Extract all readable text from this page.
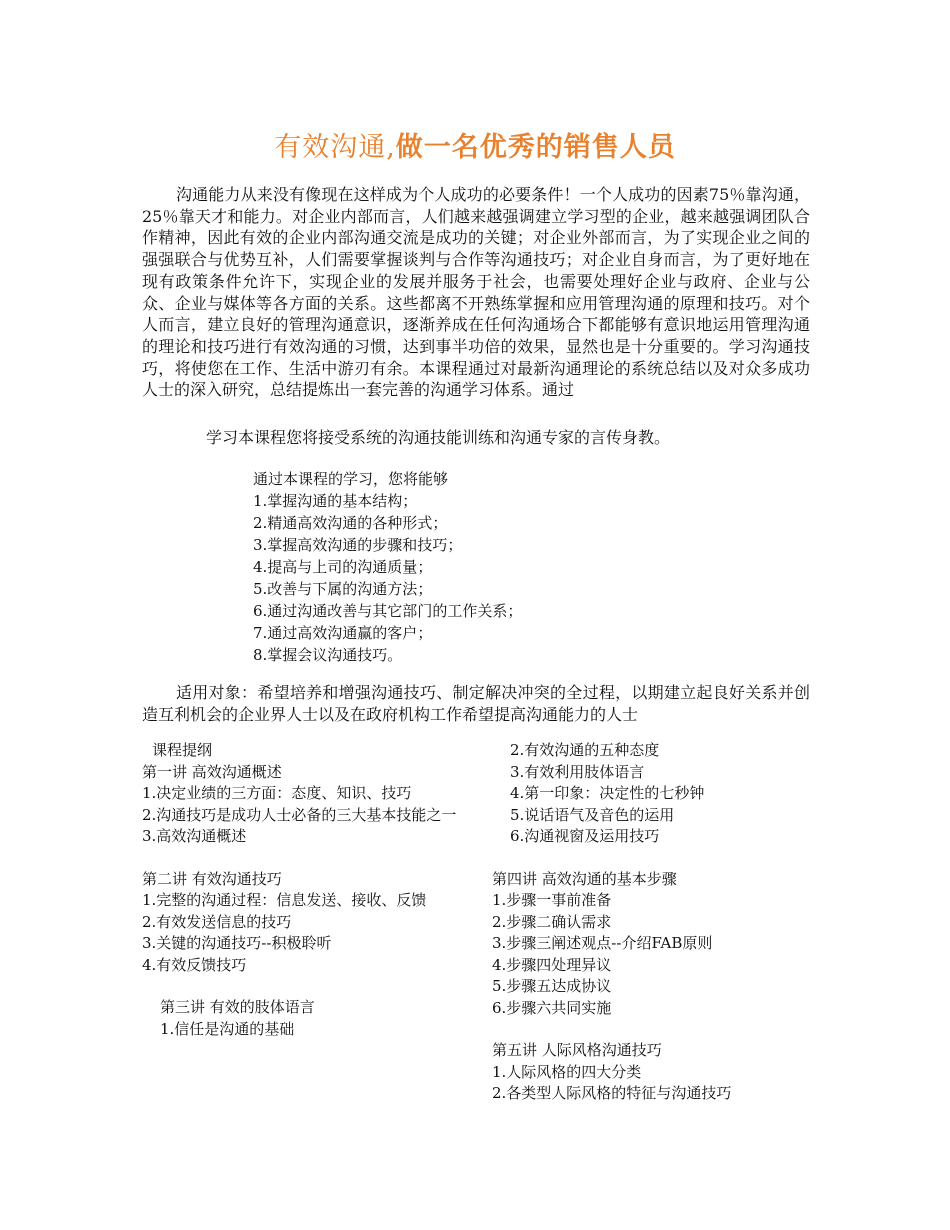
有效沟通,做一名优秀的销售人员
沟通能力从来没有像现在这样成为个人成功的必要条件！一个人成功的因素75％靠沟通，25％靠天才和能力。对企业内部而言，人们越来越强调建立学习型的企业，越来越强调团队合作精神，因此有效的企业内部沟通交流是成功的关键；对企业外部而言，为了实现企业之间的强强联合与优势互补，人们需要掌握谈判与合作等沟通技巧；对企业自身而言，为了更好地在现有政策条件允许下，实现企业的发展并服务于社会，也需要处理好企业与政府、企业与公众、企业与媒体等各方面的关系。这些都离不开熟练掌握和应用管理沟通的原理和技巧。对个人而言，建立良好的管理沟通意识，逐渐养成在任何沟通场合下都能够有意识地运用管理沟通的理论和技巧进行有效沟通的习惯，达到事半功倍的效果，显然也是十分重要的。学习沟通技巧，将使您在工作、生活中游刃有余。本课程通过对最新沟通理论的系统总结以及对众多成功人士的深入研究，总结提炼出一套完善的沟通学习体系。通过
学习本课程您将接受系统的沟通技能训练和沟通专家的言传身教。
通过本课程的学习，您将能够
1.掌握沟通的基本结构；
2.精通高效沟通的各种形式；
3.掌握高效沟通的步骤和技巧；
4.提高与上司的沟通质量；
5.改善与下属的沟通方法；
6.通过沟通改善与其它部门的工作关系；
7.通过高效沟通赢的客户；
8.掌握会议沟通技巧。
适用对象：希望培养和增强沟通技巧、制定解决冲突的全过程，以期建立起良好关系并创造互利机会的企业界人士以及在政府机构工作希望提高沟通能力的人士
课程提纲
第一讲 高效沟通概述
1.决定业绩的三方面：态度、知识、技巧
2.沟通技巧是成功人士必备的三大基本技能之一
3.高效沟通概述
第二讲 有效沟通技巧
1.完整的沟通过程：信息发送、接收、反馈
2.有效发送信息的技巧
3.关键的沟通技巧--积极聆听
4.有效反馈技巧
第三讲 有效的肢体语言
1.信任是沟通的基础
2.有效沟通的五种态度
3.有效利用肢体语言
4.第一印象：决定性的七秒钟
5.说话语气及音色的运用
6.沟通视窗及运用技巧
第四讲 高效沟通的基本步骤
1.步骤一事前准备
2.步骤二确认需求
3.步骤三阐述观点--介绍FAB原则
4.步骤四处理异议
5.步骤五达成协议
6.步骤六共同实施
第五讲 人际风格沟通技巧
1.人际风格的四大分类
2.各类型人际风格的特征与沟通技巧
